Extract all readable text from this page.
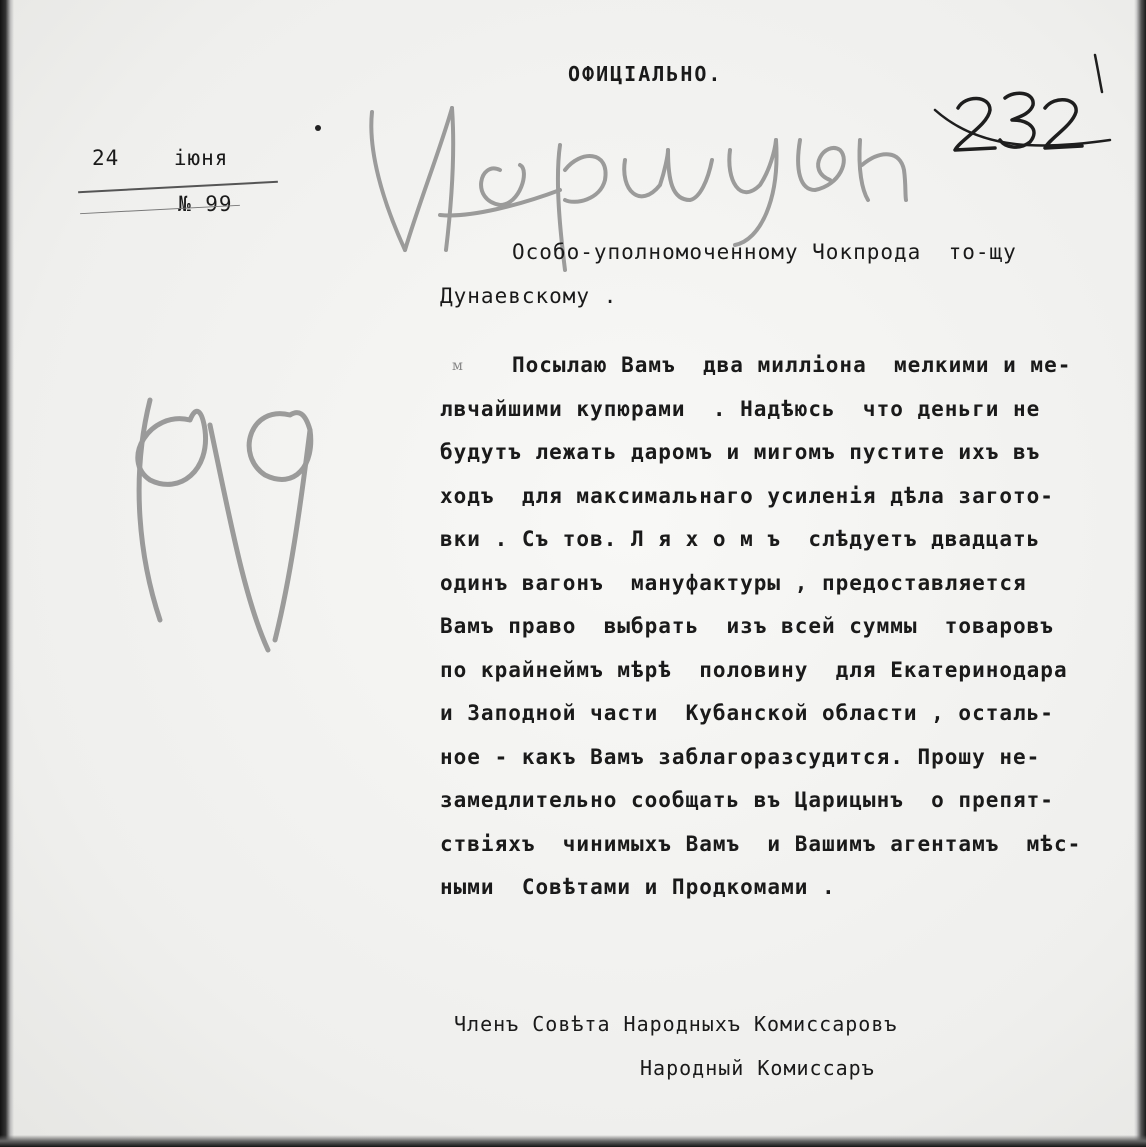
ОФИЦІАЛЬНО.
24    іюня
№ 99
Особо-уполномоченному Чокпрода  то-щу
Дунаевскому .
м	Посылаю Вамъ  два милліона  мелкими и ме-
лвчайшими купюрами  . Надѣюсь  что деньги не
будутъ лежать даромъ и мигомъ пустите ихъ въ
ходъ  для максимальнаго усиленія дѣла загото-
вки . Съ тов. Л я х о м ъ  слѣдуетъ двадцать
одинъ вагонъ  мануфактуры , предоставляется
Вамъ право  выбрать  изъ всей суммы  товаровъ
по крайнеймъ мѣрѣ  половину  для Екатеринодара
и Заподной части  Кубанской области , осталь-
ное - какъ Вамъ заблагоразсудится. Прошу не-
замедлительно сообщать въ Царицынъ  о препят-
ствіяхъ  чинимыхъ Вамъ  и Вашимъ агентамъ  мѣс-
ными  Совѣтами и Продкомами .
Членъ Совѣта Народныхъ Комиссаровъ
Народный Комиссаръ
